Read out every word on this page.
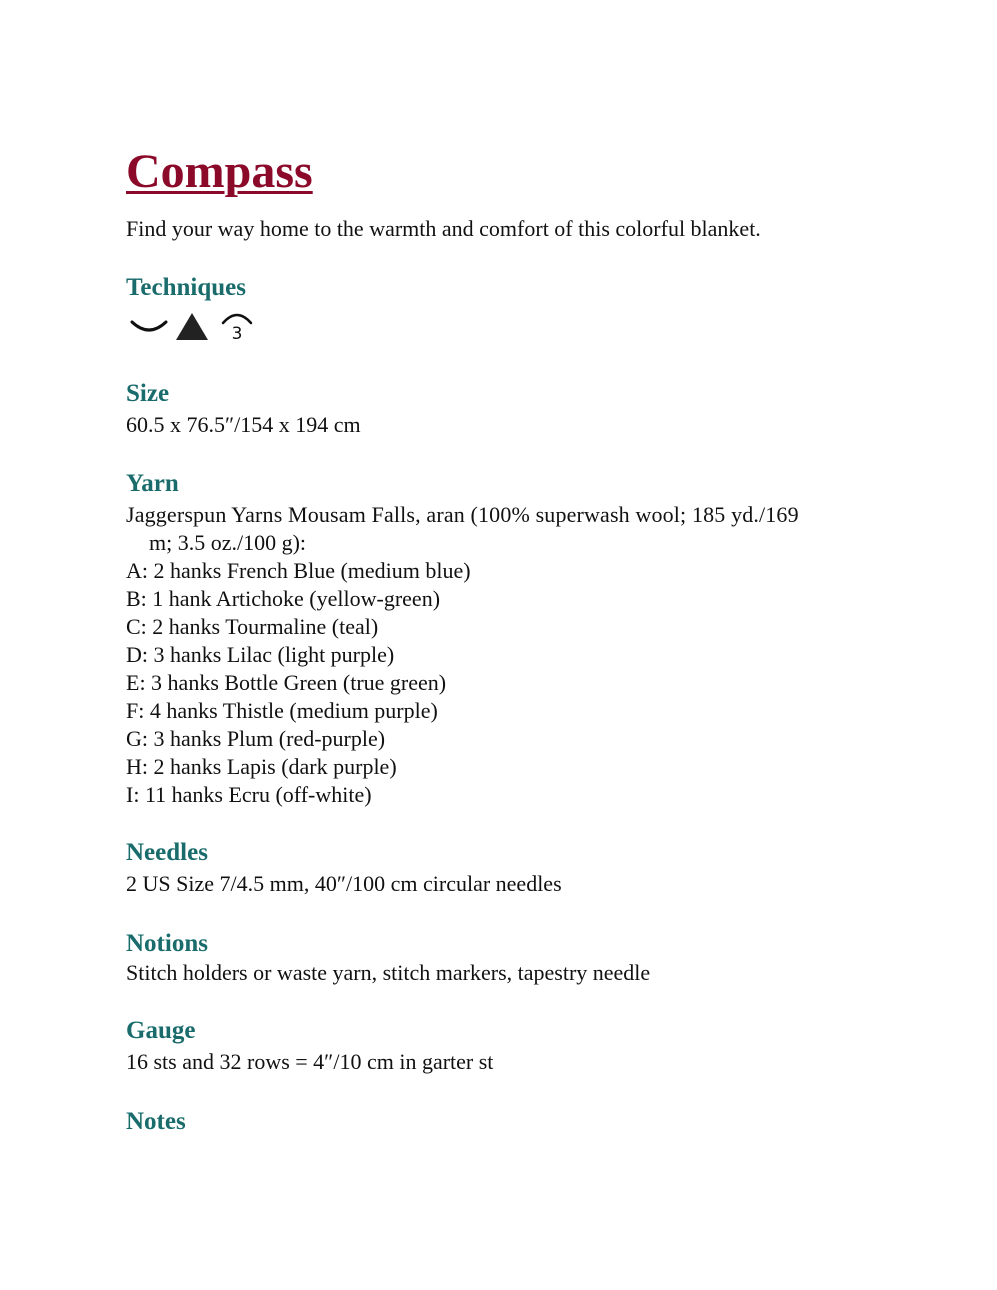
Compass
Find your way home to the warmth and comfort of this colorful blanket.
Techniques
3
Size
60.5 x 76.5″/154 x 194 cm
Yarn
Jaggerspun Yarns Mousam Falls, aran (100% superwash wool; 185 yd./169
m; 3.5 oz./100 g):
A: 2 hanks French Blue (medium blue)
B: 1 hank Artichoke (yellow-green)
C: 2 hanks Tourmaline (teal)
D: 3 hanks Lilac (light purple)
E: 3 hanks Bottle Green (true green)
F: 4 hanks Thistle (medium purple)
G: 3 hanks Plum (red-purple)
H: 2 hanks Lapis (dark purple)
I: 11 hanks Ecru (off-white)
Needles
2 US Size 7/4.5 mm, 40″/100 cm circular needles
Notions
Stitch holders or waste yarn, stitch markers, tapestry needle
Gauge
16 sts and 32 rows = 4″/10 cm in garter st
Notes
